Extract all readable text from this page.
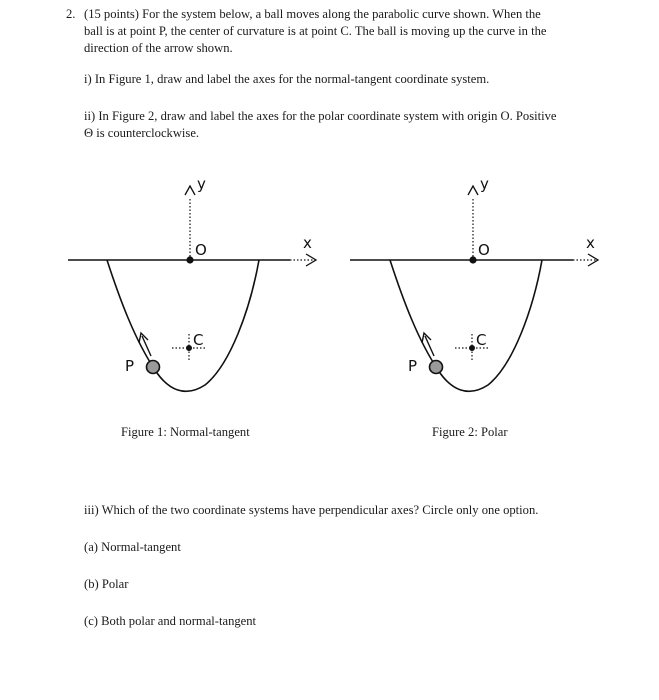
2. (15 points) For the system below, a ball moves along the parabolic curve shown. When the
ball is at point P, the center of curvature is at point C. The ball is moving up the curve in the
direction of the arrow shown.
i) In Figure 1, draw and label the axes for the normal-tangent coordinate system.
ii) In Figure 2, draw and label the axes for the polar coordinate system with origin O. Positive
Θ is counterclockwise.
y
x
O
C
P
y
x
O
C
P
Figure 1: Normal-tangent	Figure 2: Polar
iii) Which of the two coordinate systems have perpendicular axes? Circle only one option.
(a) Normal-tangent
(b) Polar
(c) Both polar and normal-tangent
